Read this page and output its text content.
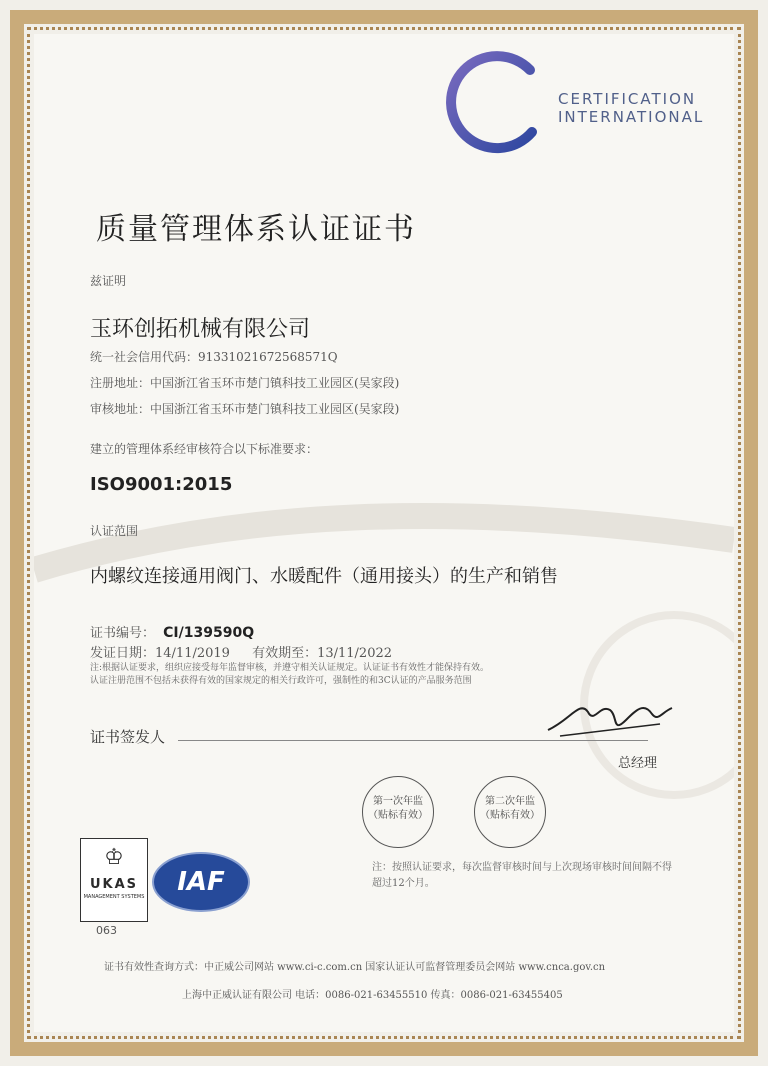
CERTIFICATION
INTERNATIONAL
质量管理体系认证证书
兹证明
玉环创拓机械有限公司
统一社会信用代码：91331021672568571Q
注册地址：中国浙江省玉环市楚门镇科技工业园区(吴家段)
审核地址：中国浙江省玉环市楚门镇科技工业园区(吴家段)
建立的管理体系经审核符合以下标准要求：
ISO9001:2015
认证范围
内螺纹连接通用阀门、水暖配件（通用接头）的生产和销售
证书编号： CI/139590Q
发证日期：14/11/2019 有效期至：13/11/2022
注:根据认证要求，组织应接受每年监督审核，并遵守相关认证规定。认证证书有效性才能保持有效。
认证注册范围不包括未获得有效的国家规定的相关行政许可，强制性的和3C认证的产品服务范围
证书签发人
总经理
第一次年监
（贴标有效）
第二次年监
（贴标有效）
注：按照认证要求，每次监督审核时间与上次现场审核时间间隔不得
超过12个月。
♔
UKAS
MANAGEMENT SYSTEMS
063
IAF
证书有效性查询方式：中正威公司网站 www.ci-c.com.cn 国家认证认可监督管理委员会网站 www.cnca.gov.cn
上海中正威认证有限公司 电话：0086-021-63455510 传真：0086-021-63455405
